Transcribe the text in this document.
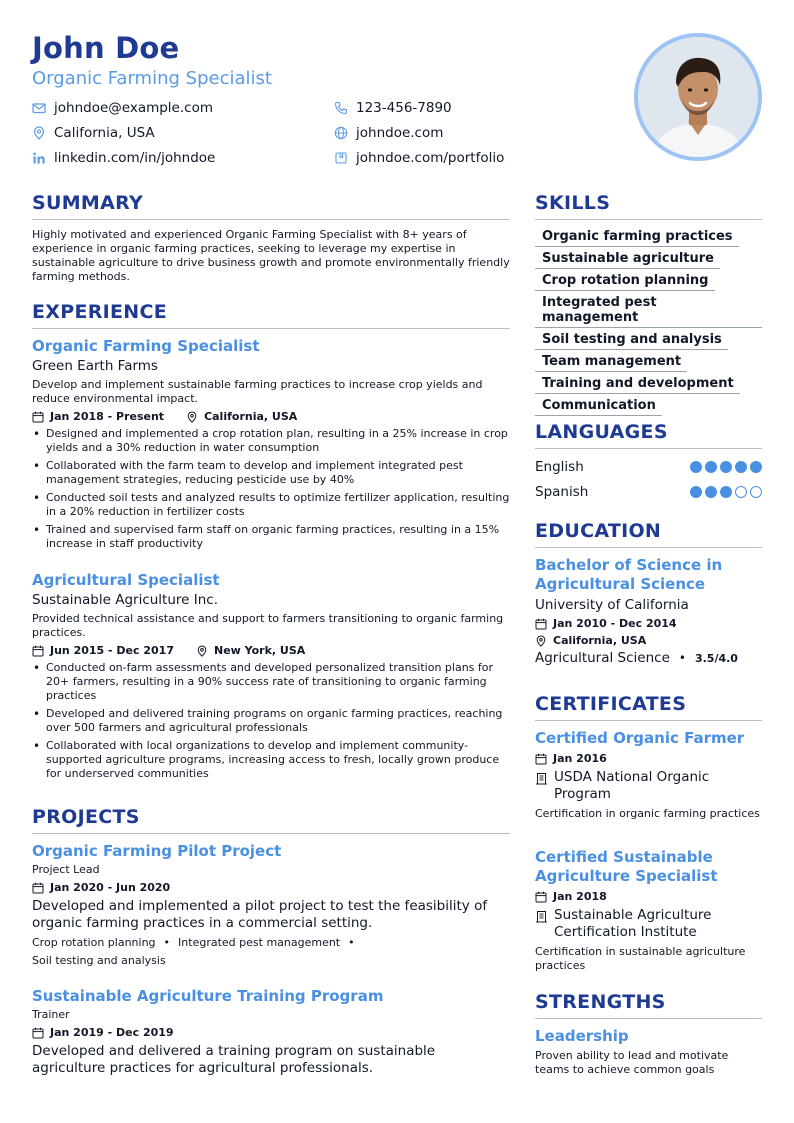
John Doe
Organic Farming Specialist
johndoe@example.com	123-456-7890
California, USA	johndoe.com
linkedin.com/in/johndoe	johndoe.com/portfolio
SUMMARY
Highly motivated and experienced Organic Farming Specialist with 8+ years of experience in organic farming practices, seeking to leverage my expertise in sustainable agriculture to drive business growth and promote environmentally friendly farming methods.
EXPERIENCE
Organic Farming Specialist
Green Earth Farms
Develop and implement sustainable farming practices to increase crop yields and reduce environmental impact.
Jan 2018 - Present	California, USA
• Designed and implemented a crop rotation plan, resulting in a 25% increase in crop yields and a 30% reduction in water consumption
• Collaborated with the farm team to develop and implement integrated pest management strategies, reducing pesticide use by 40%
• Conducted soil tests and analyzed results to optimize fertilizer application, resulting in a 20% reduction in fertilizer costs
• Trained and supervised farm staff on organic farming practices, resulting in a 15% increase in staff productivity
Agricultural Specialist
Sustainable Agriculture Inc.
Provided technical assistance and support to farmers transitioning to organic farming practices.
Jun 2015 - Dec 2017	New York, USA
• Conducted on-farm assessments and developed personalized transition plans for 20+ farmers, resulting in a 90% success rate of transitioning to organic farming practices
• Developed and delivered training programs on organic farming practices, reaching over 500 farmers and agricultural professionals
• Collaborated with local organizations to develop and implement community-supported agriculture programs, increasing access to fresh, locally grown produce for underserved communities
PROJECTS
Organic Farming Pilot Project
Project Lead
Jan 2020 - Jun 2020
Developed and implemented a pilot project to test the feasibility of organic farming practices in a commercial setting.
Crop rotation planning • Integrated pest management •
Soil testing and analysis
Sustainable Agriculture Training Program
Trainer
Jan 2019 - Dec 2019
Developed and delivered a training program on sustainable agriculture practices for agricultural professionals.
SKILLS
Organic farming practices
Sustainable agriculture
Crop rotation planning
Integrated pest management
Soil testing and analysis
Team management
Training and development
Communication
LANGUAGES
English
Spanish
EDUCATION
Bachelor of Science in Agricultural Science
University of California
Jan 2010 - Dec 2014
California, USA
Agricultural Science • 3.5/4.0
CERTIFICATES
Certified Organic Farmer
Jan 2016
USDA National Organic Program
Certification in organic farming practices
Certified Sustainable Agriculture Specialist
Jan 2018
Sustainable Agriculture Certification Institute
Certification in sustainable agriculture practices
STRENGTHS
Leadership
Proven ability to lead and motivate teams to achieve common goals
